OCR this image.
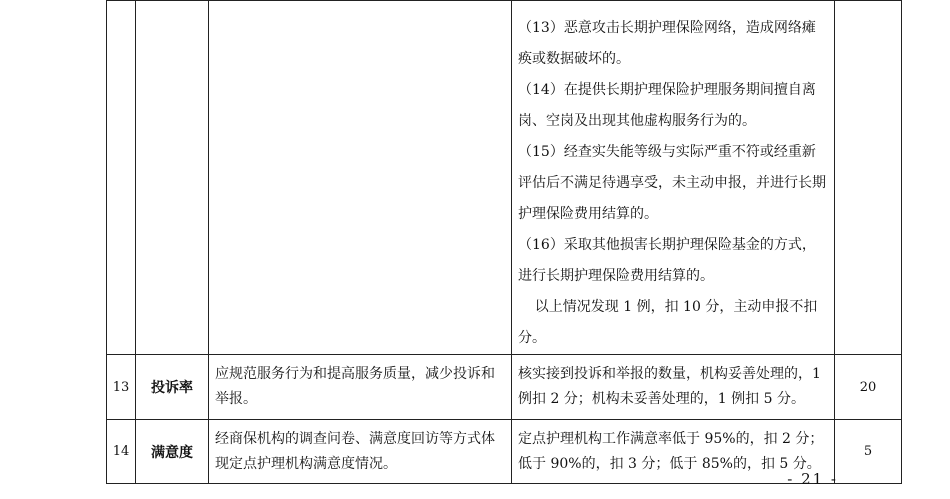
			（13）恶意攻击长期护理保险网络，造成网络瘫痪或数据破坏的。
（14）在提供长期护理保险护理服务期间擅自离岗、空岗及出现其他虚构服务行为的。
（15）经查实失能等级与实际严重不符或经重新评估后不满足待遇享受，未主动申报，并进行长期护理保险费用结算的。
（16）采取其他损害长期护理保险基金的方式，进行长期护理保险费用结算的。
以上情况发现 1 例，扣 10 分，主动申报不扣分。	

13	投诉率	应规范服务行为和提高服务质量，减少投诉和举报。	核实接到投诉和举报的数量，机构妥善处理的，1 例扣 2 分；机构未妥善处理的，1 例扣 5 分。	20
14	满意度	经商保机构的调查问卷、满意度回访等方式体现定点护理机构满意度情况。	定点护理机构工作满意率低于 95%的，扣 2 分；低于 90%的，扣 3 分；低于 85%的，扣 5 分。	5
- 21 -
